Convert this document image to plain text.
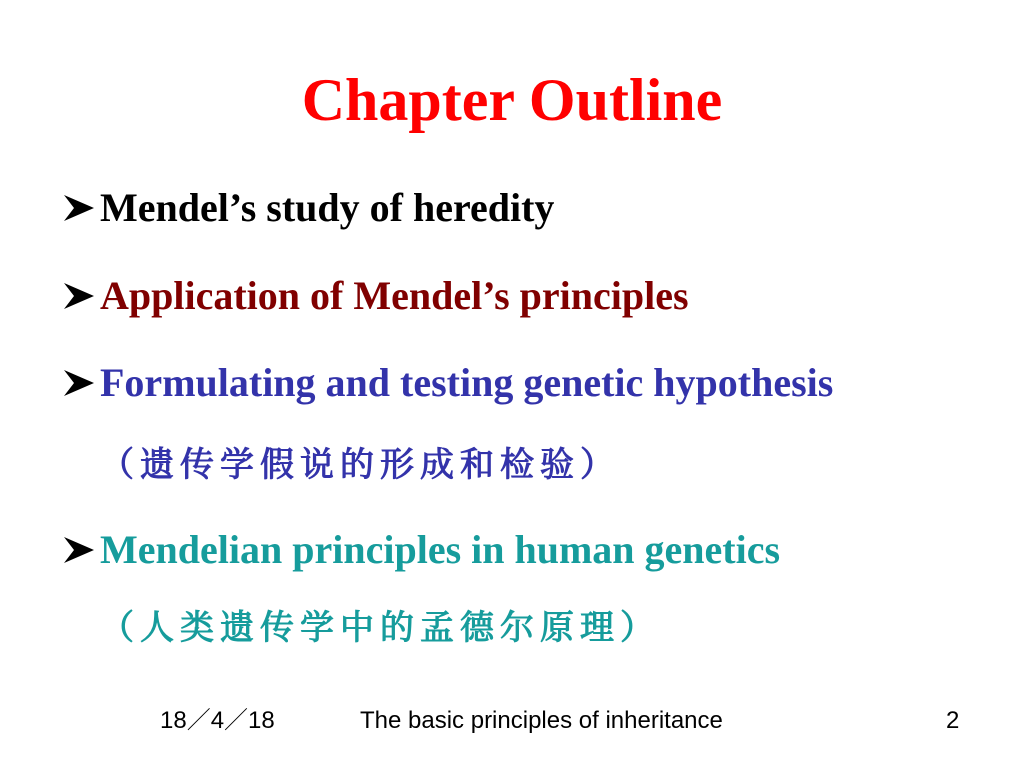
Chapter Outline
Mendel’s study of heredity
Application of Mendel’s principles
Formulating and testing genetic hypothesis
（遗传学假说的形成和检验）
Mendelian principles in human genetics
（人类遗传学中的孟德尔原理）
18／4／18	The basic principles of inheritance	2
